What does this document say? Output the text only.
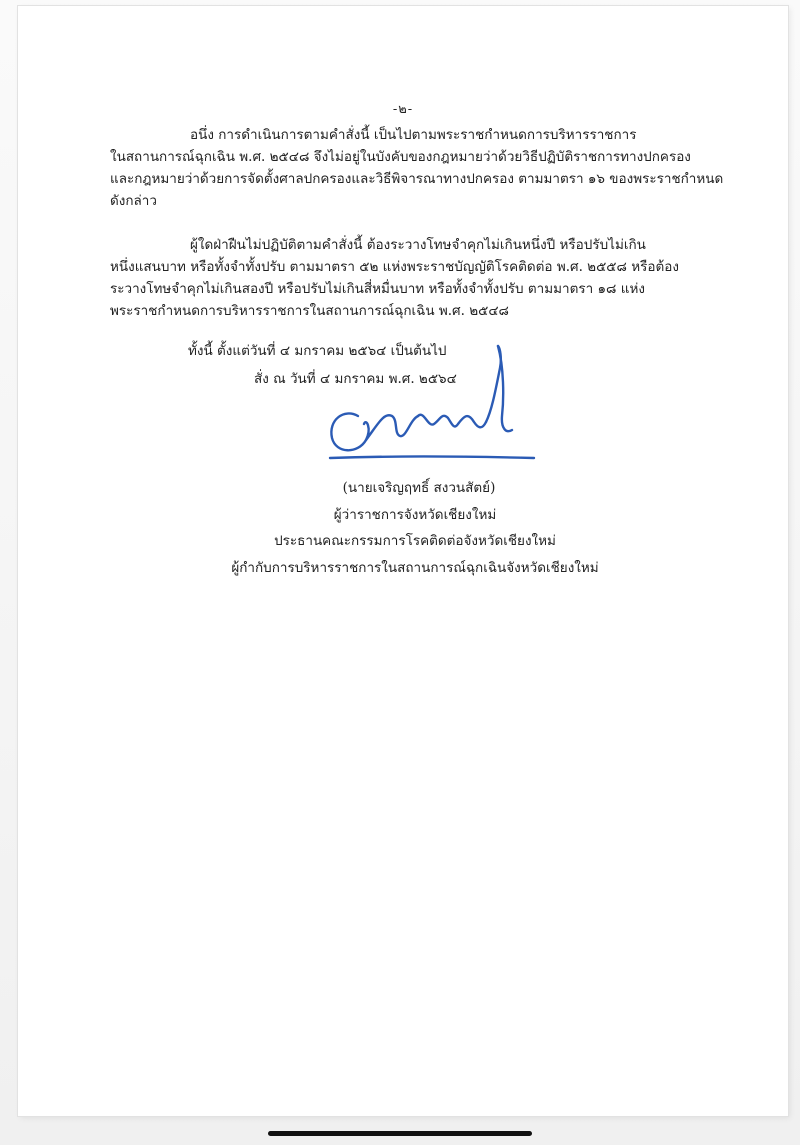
-๒-
อนึ่ง การดำเนินการตามคำสั่งนี้ เป็นไปตามพระราชกำหนดการบริหารราชการ
ในสถานการณ์ฉุกเฉิน พ.ศ. ๒๕๔๘ จึงไม่อยู่ในบังคับของกฎหมายว่าด้วยวิธีปฏิบัติราชการทางปกครอง
และกฎหมายว่าด้วยการจัดตั้งศาลปกครองและวิธีพิจารณาทางปกครอง ตามมาตรา ๑๖ ของพระราชกำหนด
ดังกล่าว
ผู้ใดฝ่าฝืนไม่ปฏิบัติตามคำสั่งนี้ ต้องระวางโทษจำคุกไม่เกินหนึ่งปี หรือปรับไม่เกิน
หนึ่งแสนบาท หรือทั้งจำทั้งปรับ ตามมาตรา ๕๒ แห่งพระราชบัญญัติโรคติดต่อ พ.ศ. ๒๕๕๘ หรือต้อง
ระวางโทษจำคุกไม่เกินสองปี หรือปรับไม่เกินสี่หมื่นบาท หรือทั้งจำทั้งปรับ ตามมาตรา ๑๘ แห่ง
พระราชกำหนดการบริหารราชการในสถานการณ์ฉุกเฉิน พ.ศ. ๒๕๔๘
ทั้งนี้ ตั้งแต่วันที่ ๔ มกราคม ๒๕๖๔ เป็นต้นไป
สั่ง ณ วันที่ ๔ มกราคม พ.ศ. ๒๕๖๔
(นายเจริญฤทธิ์ สงวนสัตย์)
ผู้ว่าราชการจังหวัดเชียงใหม่
ประธานคณะกรรมการโรคติดต่อจังหวัดเชียงใหม่
ผู้กำกับการบริหารราชการในสถานการณ์ฉุกเฉินจังหวัดเชียงใหม่
